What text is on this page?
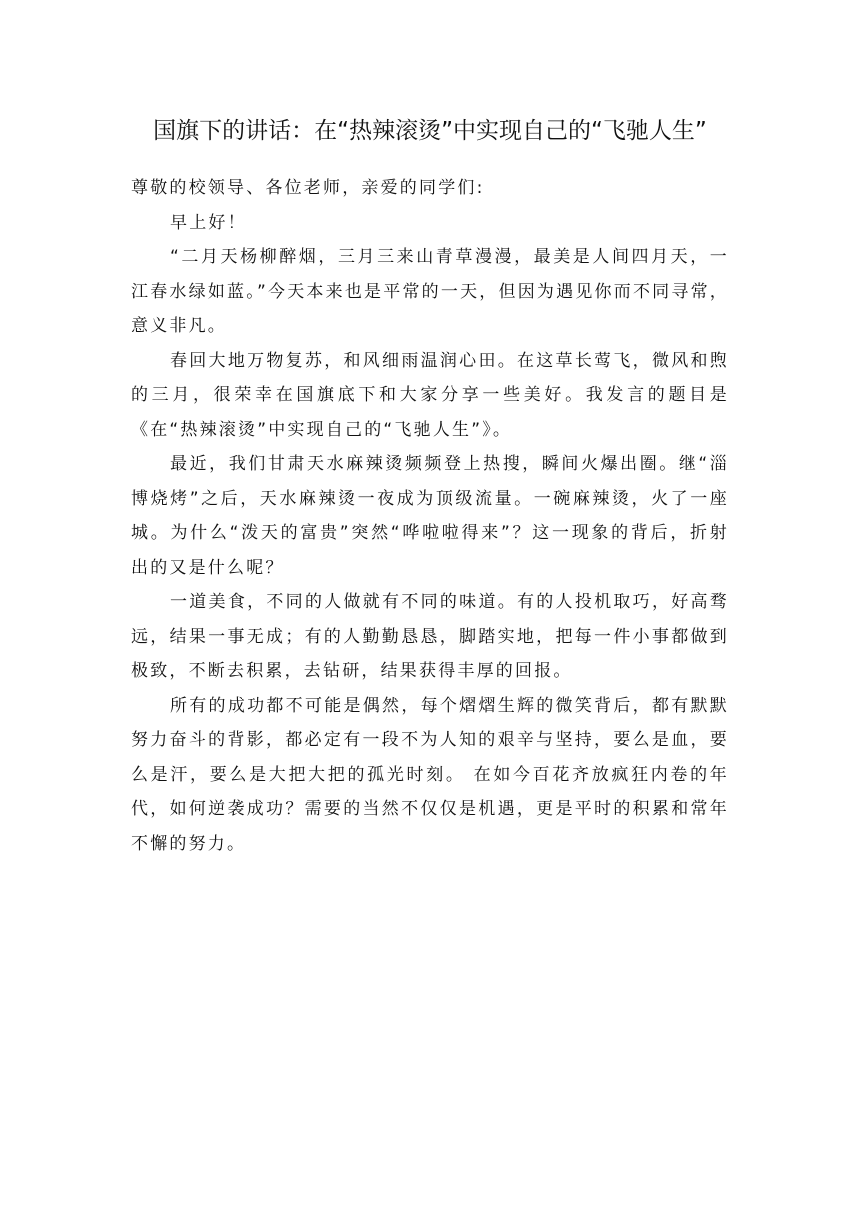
国旗下的讲话：在“热辣滚烫”中实现自己的“飞驰人生”

尊敬的校领导、各位老师，亲爱的同学们:

早上好！

“二月天杨柳醉烟，三月三来山青草漫漫，最美是人间四月天，一江春水绿如蓝。”今天本来也是平常的一天，但因为遇见你而不同寻常，意义非凡。

春回大地万物复苏，和风细雨温润心田。在这草长莺飞，微风和煦的三月，很荣幸在国旗底下和大家分享一些美好。我发言的题目是《在“热辣滚烫”中实现自己的“飞驰人生”》。

最近，我们甘肃天水麻辣烫频频登上热搜，瞬间火爆出圈。继“淄博烧烤”之后，天水麻辣烫一夜成为顶级流量。一碗麻辣烫，火了一座城。为什么“泼天的富贵”突然“哗啦啦得来”？这一现象的背后，折射出的又是什么呢？

一道美食，不同的人做就有不同的味道。有的人投机取巧，好高骛远，结果一事无成；有的人勤勤恳恳，脚踏实地，把每一件小事都做到极致，不断去积累，去钻研，结果获得丰厚的回报。

所有的成功都不可能是偶然，每个熠熠生辉的微笑背后，都有默默努力奋斗的背影，都必定有一段不为人知的艰辛与坚持，要么是血，要么是汗，要么是大把大把的孤光时刻。 在如今百花齐放疯狂内卷的年代，如何逆袭成功？需要的当然不仅仅是机遇，更是平时的积累和常年不懈的努力。
